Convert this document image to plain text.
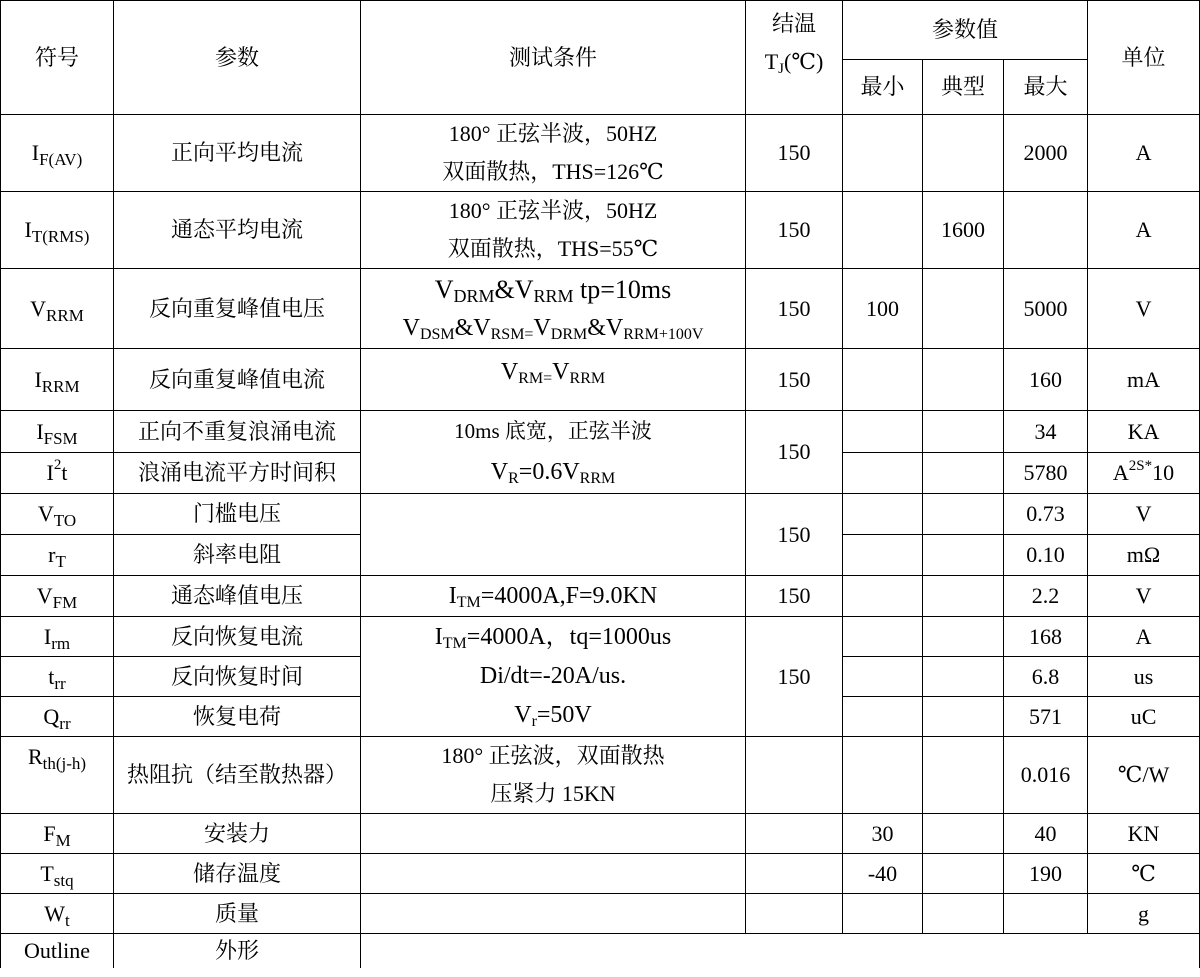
符号	参数	测试条件	结温
$T_J(℃)$	参数值			单位
				最小	典型	最大	
$I_{F(AV)}$	正向平均电流	180° 正弦半波，50HZ
双面散热，THS=126℃	150			2000	A
$I_{T(RMS)}$	通态平均电流	180° 正弦半波，50HZ
双面散热，THS=55℃	150		1600		A
$V_{RRM}$	反向重复峰值电压	$V_{DRM}\&V_{RRM}$ tp=10ms
$V_{DSM}\&V_{RSM=}V_{DRM}\&V_{RRM+100V}$	150	100		5000	V
$I_{RRM}$	反向重复峰值电流	$V_{RM=}V_{RRM}$	150			160	mA
$I_{FSM}$	正向不重复浪涌电流	10ms 底宽，正弦半波
$V_R=0.6V_{RRM}$	150			34	KA
$I^2t$	浪涌电流平方时间积					5780	$A^{2S*}10$
$V_{TO}$	门槛电压		150			0.73	V
$r_T$	斜率电阻					0.10	mΩ
$V_{FM}$	通态峰值电压	$I_{TM}=4000A,F=9.0KN$	150			2.2	V
$I_{rm}$	反向恢复电流	$I_{TM}=4000A$，tq=1000us
Di/dt=-20A/us.
$V_r=50V$	150			168	A
$t_{rr}$	反向恢复时间					6.8	us
$Q_{rr}$	恢复电荷					571	uC
$R_{th(j-h)}$	热阻抗（结至散热器）	180° 正弦波，双面散热
压紧力 15KN				0.016	℃/W
$F_M$	安装力			30		40	KN
$T_{stq}$	储存温度			-40		190	℃
$W_t$	质量						g
Outline	外形						
